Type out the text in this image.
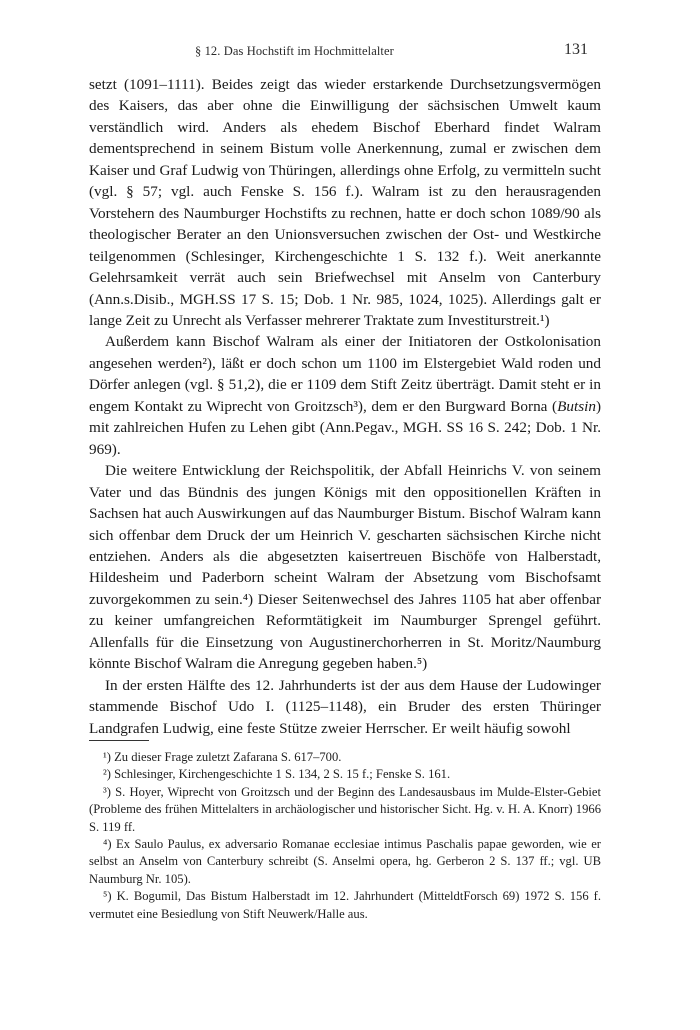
§ 12. Das Hochstift im Hochmittelalter	131

setzt (1091–1111). Beides zeigt das wieder erstarkende Durchsetzungsvermögen des Kaisers, das aber ohne die Einwilligung der sächsischen Umwelt kaum verständlich wird. Anders als ehedem Bischof Eberhard findet Walram dementsprechend in seinem Bistum volle Anerkennung, zumal er zwischen dem Kaiser und Graf Ludwig von Thüringen, allerdings ohne Erfolg, zu vermitteln sucht (vgl. § 57; vgl. auch Fenske S. 156 f.). Walram ist zu den herausragenden Vorstehern des Naumburger Hochstifts zu rechnen, hatte er doch schon 1089/90 als theologischer Berater an den Unionsversuchen zwischen der Ost- und Westkirche teilgenommen (Schlesinger, Kirchengeschichte 1 S. 132 f.). Weit anerkannte Gelehrsamkeit verrät auch sein Briefwechsel mit Anselm von Canterbury (Ann.s.Disib., MGH.SS 17 S. 15; Dob. 1 Nr. 985, 1024, 1025). Allerdings galt er lange Zeit zu Unrecht als Verfasser mehrerer Traktate zum Investiturstreit.¹)

Außerdem kann Bischof Walram als einer der Initiatoren der Ostkolonisation angesehen werden²), läßt er doch schon um 1100 im Elstergebiet Wald roden und Dörfer anlegen (vgl. § 51,2), die er 1109 dem Stift Zeitz überträgt. Damit steht er in engem Kontakt zu Wiprecht von Groitzsch³), dem er den Burgward Borna (Butsin) mit zahlreichen Hufen zu Lehen gibt (Ann.Pegav., MGH. SS 16 S. 242; Dob. 1 Nr. 969).

Die weitere Entwicklung der Reichspolitik, der Abfall Heinrichs V. von seinem Vater und das Bündnis des jungen Königs mit den oppositionellen Kräften in Sachsen hat auch Auswirkungen auf das Naumburger Bistum. Bischof Walram kann sich offenbar dem Druck der um Heinrich V. gescharten sächsischen Kirche nicht entziehen. Anders als die abgesetzten kaisertreuen Bischöfe von Halberstadt, Hildesheim und Paderborn scheint Walram der Absetzung vom Bischofsamt zuvorgekommen zu sein.⁴) Dieser Seitenwechsel des Jahres 1105 hat aber offenbar zu keiner umfangreichen Reformtätigkeit im Naumburger Sprengel geführt. Allenfalls für die Einsetzung von Augustinerchorherren in St. Moritz/Naumburg könnte Bischof Walram die Anregung gegeben haben.⁵)

In der ersten Hälfte des 12. Jahrhunderts ist der aus dem Hause der Ludowinger stammende Bischof Udo I. (1125–1148), ein Bruder des ersten Thüringer Landgrafen Ludwig, eine feste Stütze zweier Herrscher. Er weilt häufig sowohl

¹) Zu dieser Frage zuletzt Zafarana S. 617–700.

²) Schlesinger, Kirchengeschichte 1 S. 134, 2 S. 15 f.; Fenske S. 161.

³) S. Hoyer, Wiprecht von Groitzsch und der Beginn des Landesausbaus im Mulde-Elster-Gebiet (Probleme des frühen Mittelalters in archäologischer und historischer Sicht. Hg. v. H. A. Knorr) 1966 S. 119 ff.

⁴) Ex Saulo Paulus, ex adversario Romanae ecclesiae intimus Paschalis papae geworden, wie er selbst an Anselm von Canterbury schreibt (S. Anselmi opera, hg. Gerberon 2 S. 137 ff.; vgl. UB Naumburg Nr. 105).

⁵) K. Bogumil, Das Bistum Halberstadt im 12. Jahrhundert (MitteldtForsch 69) 1972 S. 156 f. vermutet eine Besiedlung von Stift Neuwerk/Halle aus.
